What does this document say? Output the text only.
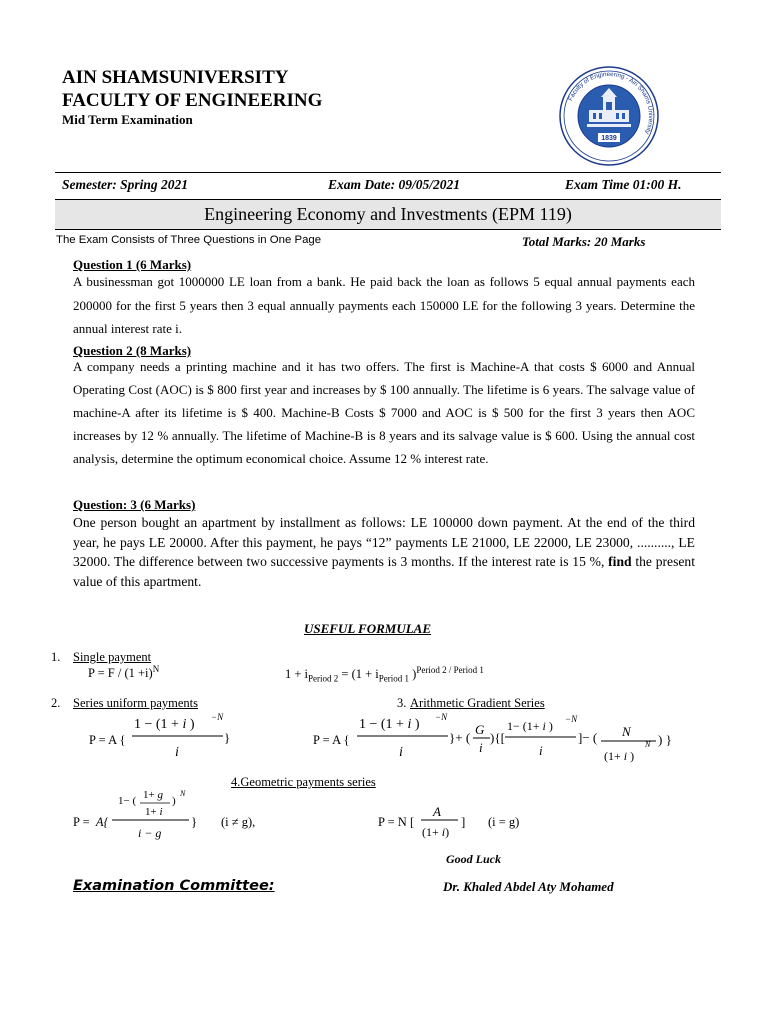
AIN SHAMSUNIVERSITY
FACULTY OF ENGINEERING
Mid Term Examination
Faculty of Engineering - Ain Shams University
1839
Semester: Spring 2021	Exam Date: 09/05/2021	Exam Time 01:00 H.
Engineering Economy and Investments (EPM 119)
The Exam Consists of Three Questions in One Page	Total Marks: 20 Marks
Question 1 (6 Marks)
A businessman got 1000000 LE loan from a bank. He paid back the loan as follows 5 equal annual payments each 200000 for the first 5 years then 3 equal annually payments each 150000 LE for the following 3 years. Determine the annual interest rate i.
Question 2 (8 Marks)
A company needs a printing machine and it has two offers. The first is Machine-A that costs $ 6000 and Annual Operating Cost (AOC) is $ 800 first year and increases by $ 100 annually. The lifetime is 6 years. The salvage value of machine-A after its lifetime is $ 400. Machine-B Costs $ 7000 and AOC is $ 500 for the first 3 years then AOC increases by 12 % annually. The lifetime of Machine-B is 8 years and its salvage value is $ 600. Using the annual cost analysis, determine the optimum economical choice. Assume 12 % interest rate.
Question: 3 (6 Marks)
One person bought an apartment by installment as follows: LE 100000 down payment. At the end of the third year, he pays LE 20000. After this payment, he pays “12” payments LE 21000, LE 22000, LE 23000, .........., LE 32000. The difference between two successive payments is 3 months. If the interest rate is 15 %, find the present value of this apartment.
USEFUL FORMULAE
1. Single payment
$P = F / (1 +i)^N$	$1 + i_{Period 2} = (1 + i_{Period 1}$ )$^{Period 2 / Period 1}$
2. Series uniform payments	3. Arithmetic Gradient Series
P = A {	P = A {
1 − (1 + i ) −N
i
}
1 − (1 + i ) −N
i
}+ (
G
i
){[
1− (1+ i ) −N
i
]− ( N
(1+ i )
N ) }
1− ( 1+ g
1+ i
)
N
i − g
}
A
(1+ i)
]
4.Geometric payments series
P = A{	(i ≠ g),	P = N [	(i = g)
Good Luck
Examination Committee:	Dr. Khaled Abdel Aty Mohamed
